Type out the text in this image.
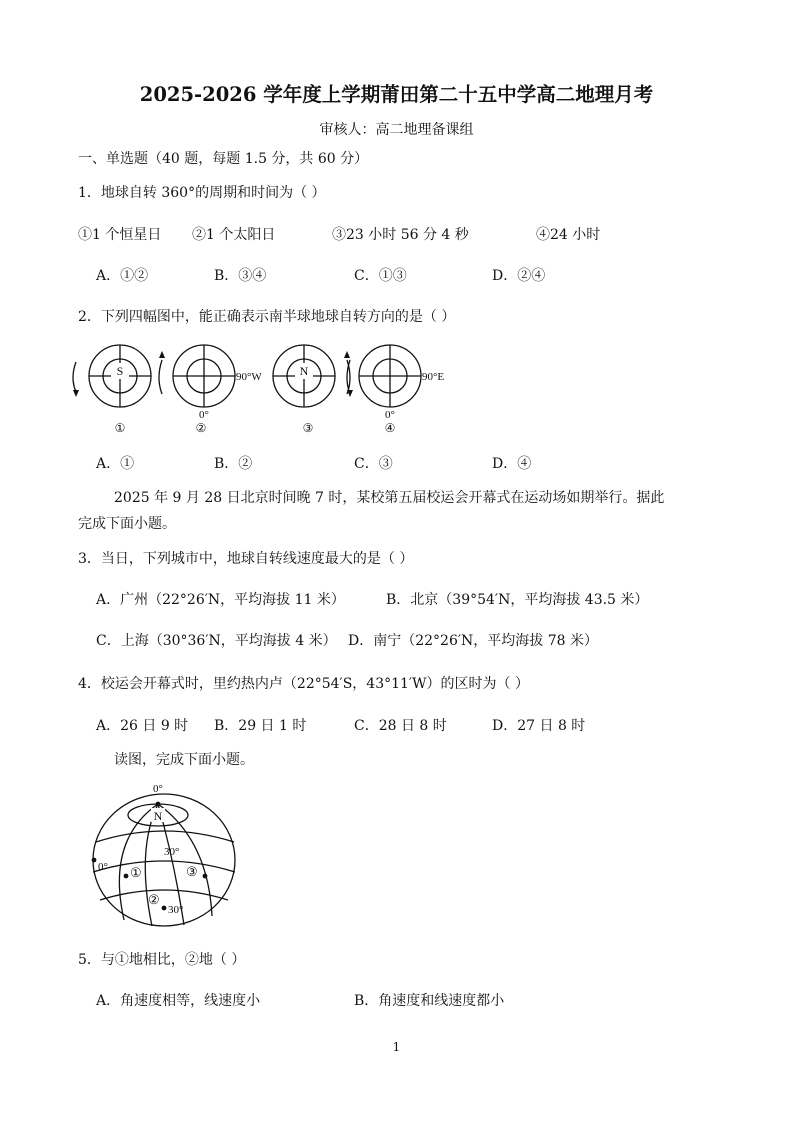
2025-2026 学年度上学期莆田第二十五中学高二地理月考
审核人：高二地理备课组
一、单选题（40 题，每题 1.5 分，共 60 分）
1．地球自转 360°的周期和时间为（ ）
①1 个恒星日 ②1 个太阳日	③23 小时 56 分 4 秒	④24 小时
A．①②	B．③④	C．①③	D．②④
2．下列四幅图中，能正确表示南半球地球自转方向的是（ ）
S	N
90°W	90°E
0°	0°
①	②	③	④
A．①	B．②	C．③	D．④
2025 年 9 月 28 日北京时间晚 7 时，某校第五届校运会开幕式在运动场如期举行。据此
完成下面小题。
3．当日，下列城市中，地球自转线速度最大的是（ ）
A．广州（22°26′N，平均海拔 11 米）	B．北京（39°54′N，平均海拔 43.5 米）
C．上海（30°36′N，平均海拔 4 米） D．南宁（22°26′N，平均海拔 78 米）
4．校运会开幕式时，里约热内卢（22°54′S，43°11′W）的区时为（ ）
A．26 日 9 时 B．29 日 1 时	C．28 日 8 时	D．27 日 8 时
读图，完成下面小题。
0°
N
30°
0°
30°
①
②
③
5．与①地相比，②地（ ）
A．角速度相等，线速度小	B．角速度和线速度都小
1
